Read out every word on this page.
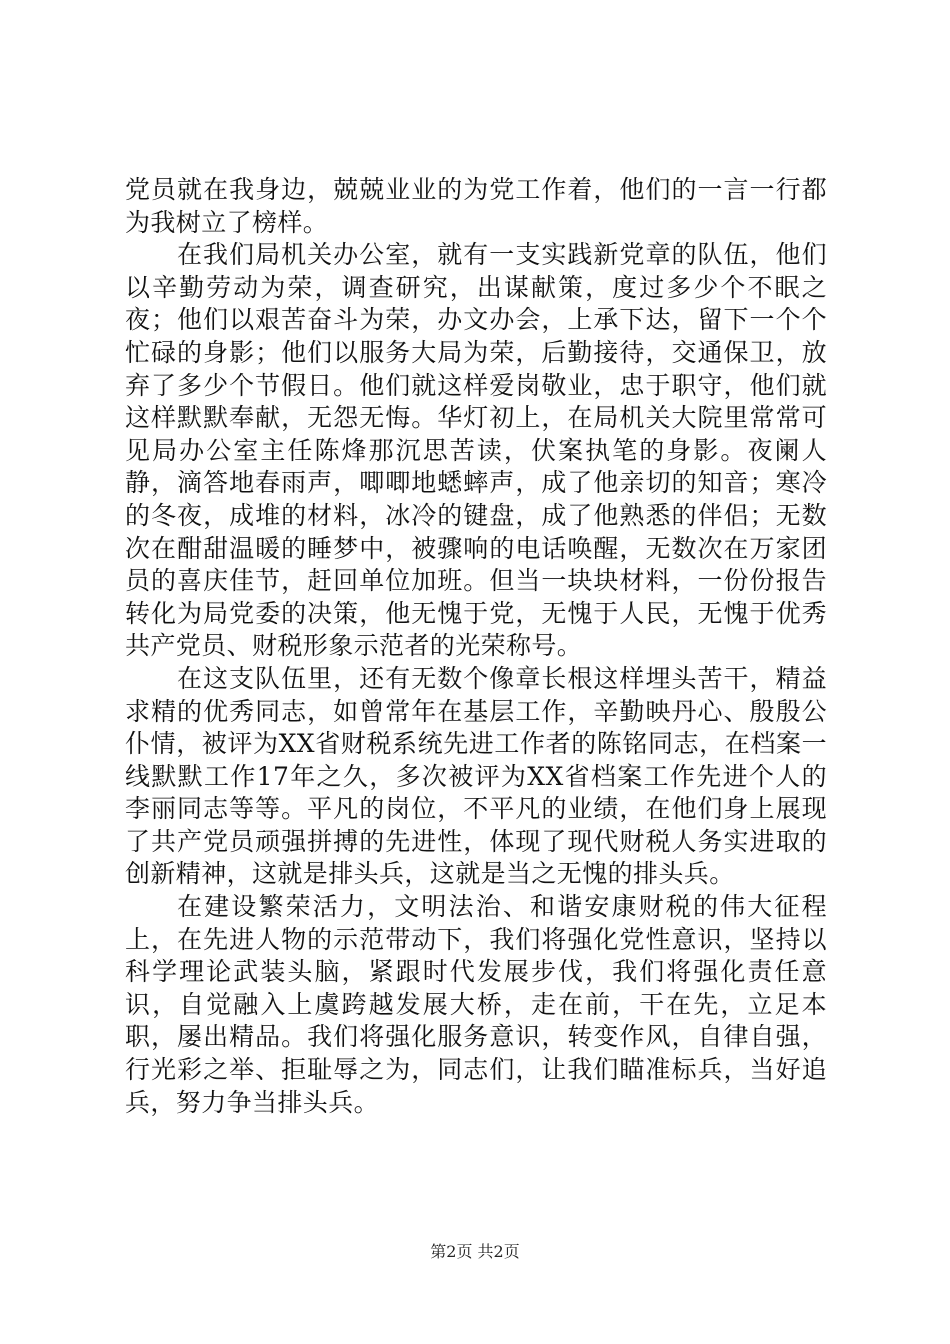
党员就在我身边，兢兢业业的为党工作着，他们的一言一行都为我树立了榜样。

在我们局机关办公室，就有一支实践新党章的队伍，他们以辛勤劳动为荣，调查研究，出谋献策，度过多少个不眠之夜；他们以艰苦奋斗为荣，办文办会，上承下达，留下一个个忙碌的身影；他们以服务大局为荣，后勤接待，交通保卫，放弃了多少个节假日。他们就这样爱岗敬业，忠于职守，他们就这样默默奉献，无怨无悔。华灯初上，在局机关大院里常常可见局办公室主任陈烽那沉思苦读，伏案执笔的身影。夜阑人静，滴答地春雨声，唧唧地蟋蟀声，成了他亲切的知音；寒冷的冬夜，成堆的材料，冰冷的键盘，成了他熟悉的伴侣；无数次在酣甜温暖的睡梦中，被骤响的电话唤醒，无数次在万家团员的喜庆佳节，赶回单位加班。但当一块块材料，一份份报告转化为局党委的决策，他无愧于党，无愧于人民，无愧于优秀共产党员、财税形象示范者的光荣称号。

在这支队伍里，还有无数个像章长根这样埋头苦干，精益求精的优秀同志，如曾常年在基层工作，辛勤映丹心、殷殷公仆情，被评为XX省财税系统先进工作者的陈铭同志，在档案一线默默工作17年之久，多次被评为XX省档案工作先进个人的李丽同志等等。平凡的岗位，不平凡的业绩，在他们身上展现了共产党员顽强拼搏的先进性，体现了现代财税人务实进取的创新精神，这就是排头兵，这就是当之无愧的排头兵。

在建设繁荣活力，文明法治、和谐安康财税的伟大征程上，在先进人物的示范带动下，我们将强化党性意识，坚持以科学理论武装头脑，紧跟时代发展步伐，我们将强化责任意识，自觉融入上虞跨越发展大桥，走在前，干在先，立足本职，屡出精品。我们将强化服务意识，转变作风，自律自强，行光彩之举、拒耻辱之为，同志们，让我们瞄准标兵，当好追兵，努力争当排头兵。

第2页 共2页
